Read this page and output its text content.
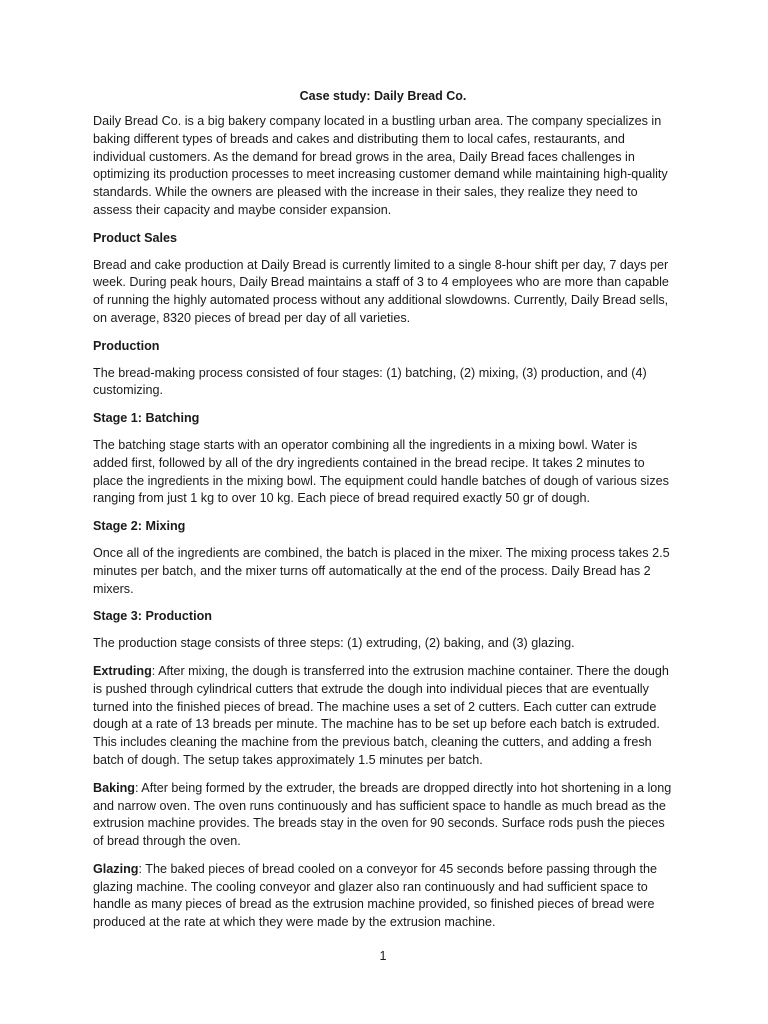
Case study: Daily Bread Co.

Daily Bread Co. is a big bakery company located in a bustling urban area. The company specializes in baking different types of breads and cakes and distributing them to local cafes, restaurants, and individual customers. As the demand for bread grows in the area, Daily Bread faces challenges in optimizing its production processes to meet increasing customer demand while maintaining high-quality standards. While the owners are pleased with the increase in their sales, they realize they need to assess their capacity and maybe consider expansion.

Product Sales

Bread and cake production at Daily Bread is currently limited to a single 8-hour shift per day, 7 days per week. During peak hours, Daily Bread maintains a staff of 3 to 4 employees who are more than capable of running the highly automated process without any additional slowdowns. Currently, Daily Bread sells, on average, 8320 pieces of bread per day of all varieties.

Production

The bread-making process consisted of four stages: (1) batching, (2) mixing, (3) production, and (4) customizing.

Stage 1: Batching

The batching stage starts with an operator combining all the ingredients in a mixing bowl. Water is added first, followed by all of the dry ingredients contained in the bread recipe. It takes 2 minutes to place the ingredients in the mixing bowl. The equipment could handle batches of dough of various sizes ranging from just 1 kg to over 10 kg. Each piece of bread required exactly 50 gr of dough.

Stage 2: Mixing

Once all of the ingredients are combined, the batch is placed in the mixer. The mixing process takes 2.5 minutes per batch, and the mixer turns off automatically at the end of the process. Daily Bread has 2 mixers.

Stage 3: Production

The production stage consists of three steps: (1) extruding, (2) baking, and (3) glazing.

Extruding: After mixing, the dough is transferred into the extrusion machine container. There the dough is pushed through cylindrical cutters that extrude the dough into individual pieces that are eventually turned into the finished pieces of bread. The machine uses a set of 2 cutters. Each cutter can extrude dough at a rate of 13 breads per minute. The machine has to be set up before each batch is extruded. This includes cleaning the machine from the previous batch, cleaning the cutters, and adding a fresh batch of dough. The setup takes approximately 1.5 minutes per batch.

Baking: After being formed by the extruder, the breads are dropped directly into hot shortening in a long and narrow oven. The oven runs continuously and has sufficient space to handle as much bread as the extrusion machine provides. The breads stay in the oven for 90 seconds. Surface rods push the pieces of bread through the oven.

Glazing: The baked pieces of bread cooled on a conveyor for 45 seconds before passing through the glazing machine. The cooling conveyor and glazer also ran continuously and had sufficient space to handle as many pieces of bread as the extrusion machine provided, so finished pieces of bread were produced at the rate at which they were made by the extrusion machine.

1
